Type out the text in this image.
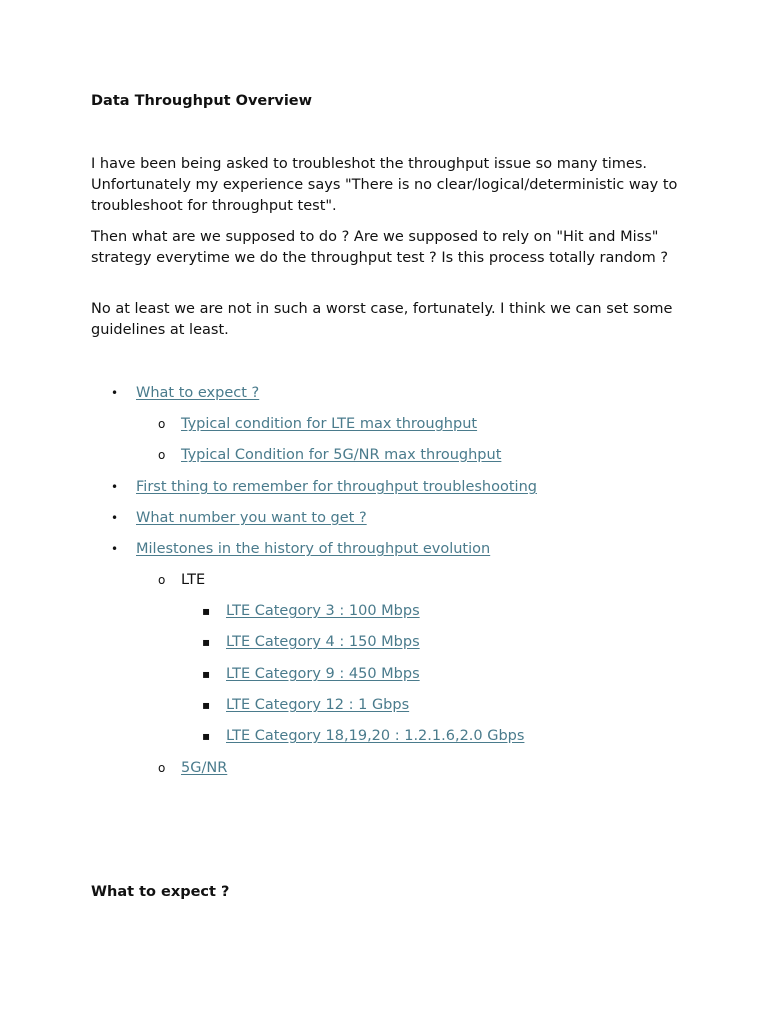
Data Throughput Overview

I have been being asked to troubleshot the throughput issue so many times. Unfortunately my experience says "There is no clear/logical/deterministic way to troubleshoot for throughput test".

Then what are we supposed to do ? Are we supposed to rely on "Hit and Miss" strategy everytime we do the throughput test ? Is this process totally random ?

No at least we are not in such a worst case, fortunately. I think we can set some guidelines at least.

• What to expect ?
o Typical condition for LTE max throughput
o Typical Condition for 5G/NR max throughput
• First thing to remember for throughput troubleshooting
• What number you want to get ?
• Milestones in the history of throughput evolution
o LTE
▪ LTE Category 3 : 100 Mbps
▪ LTE Category 4 : 150 Mbps
▪ LTE Category 9 : 450 Mbps
▪ LTE Category 12 : 1 Gbps
▪ LTE Category 18,19,20 : 1.2.1.6,2.0 Gbps
o 5G/NR
What to expect ?
